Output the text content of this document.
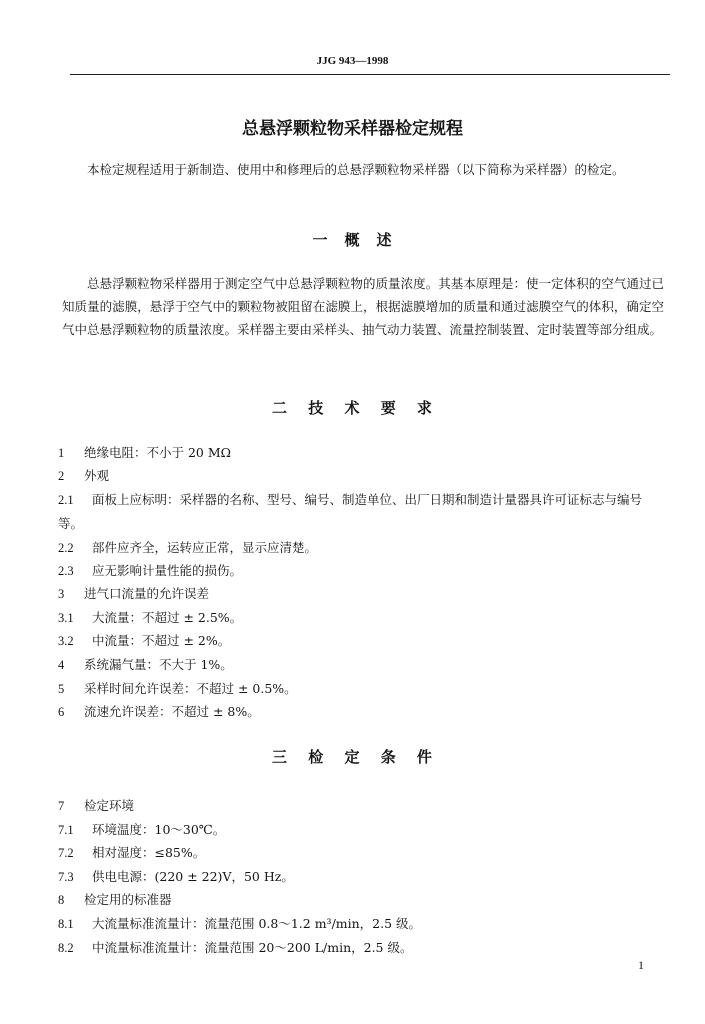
JJG 943—1998
总悬浮颗粒物采样器检定规程

本检定规程适用于新制造、使用中和修理后的总悬浮颗粒物采样器（以下简称为采样器）的检定。

一　概　述

总悬浮颗粒物采样器用于测定空气中总悬浮颗粒物的质量浓度。其基本原理是：使一定体积的空气通过已知质量的滤膜，悬浮于空气中的颗粒物被阻留在滤膜上，根据滤膜增加的质量和通过滤膜空气的体积，确定空气中总悬浮颗粒物的质量浓度。采样器主要由采样头、抽气动力装置、流量控制装置、定时装置等部分组成。

二 技 术 要 求

1 绝缘电阻：不小于 20 MΩ

2 外观

2.1 面板上应标明：采样器的名称、型号、编号、制造单位、出厂日期和制造计量器具许可证标志与编号等。

2.2 部件应齐全，运转应正常，显示应清楚。

2.3 应无影响计量性能的损伤。

3 进气口流量的允许误差

3.1 大流量：不超过 ± 2.5%。

3.2 中流量：不超过 ± 2%。

4 系统漏气量：不大于 1%。

5 采样时间允许误差：不超过 ± 0.5%。

6 流速允许误差：不超过 ± 8%。

三 检 定 条 件

7 检定环境

7.1 环境温度：10～30℃。

7.2 相对湿度：≤85%。

7.3 供电电源：(220 ± 22)V，50 Hz。

8 检定用的标准器

8.1 大流量标准流量计：流量范围 0.8～1.2 m³/min，2.5 级。

8.2 中流量标准流量计：流量范围 20～200 L/min，2.5 级。

1
